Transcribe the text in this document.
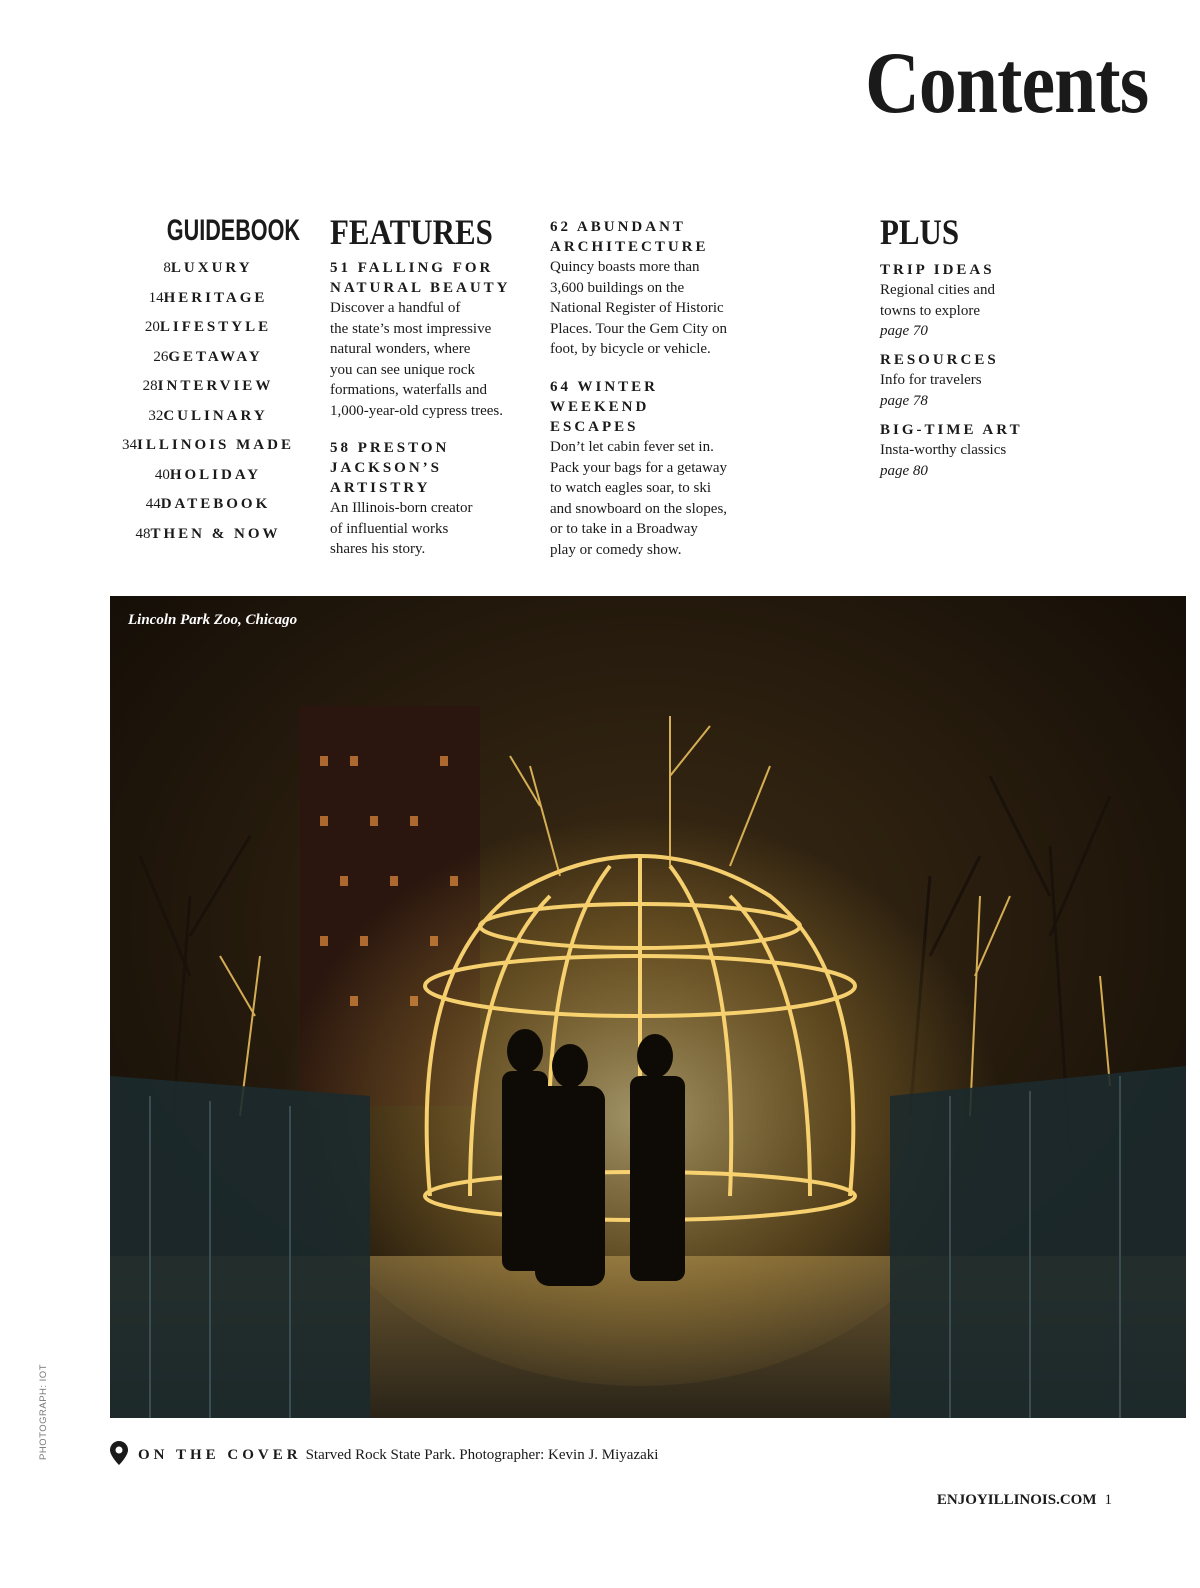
Contents
GUIDEBOOK
8LUXURY
14HERITAGE
20LIFESTYLE
26GETAWAY
28INTERVIEW
32CULINARY
34ILLINOIS MADE
40HOLIDAY
44DATEBOOK
48THEN & NOW
FEATURES

51 FALLING FOR
NATURAL BEAUTY

Discover a handful of
the state’s most impressive
natural wonders, where
you can see unique rock
formations, waterfalls and
1,000-year-old cypress trees.

58 PRESTON
JACKSON’S
ARTISTRY

An Illinois-born creator
of influential works
shares his story.

62 ABUNDANT
ARCHITECTURE

Quincy boasts more than
3,600 buildings on the
National Register of Historic
Places. Tour the Gem City on
foot, by bicycle or vehicle.

64 WINTER
WEEKEND
ESCAPES

Don’t let cabin fever set in.
Pack your bags for a getaway
to watch eagles soar, to ski
and snowboard on the slopes,
or to take in a Broadway
play or comedy show.

PLUS

TRIP IDEAS

Regional cities and
towns to explore

page 70

RESOURCES

Info for travelers

page 78

BIG-TIME ART

Insta-worthy classics

page 80

Lincoln Park Zoo, Chicago
PHOTOGRAPH: IOT	ON THE COVER Starved Rock State Park. Photographer: Kevin J. Miyazaki
ENJOYILLINOIS.COM 1
